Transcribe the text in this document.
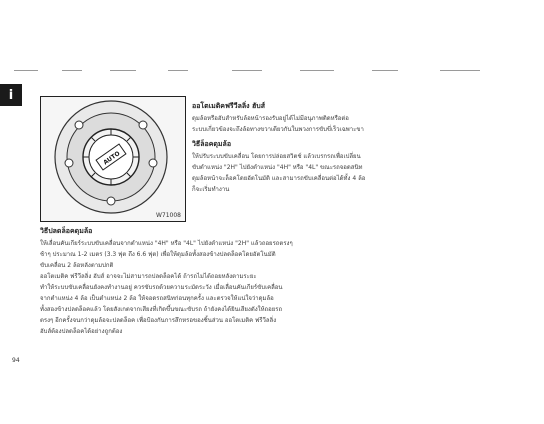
i
AUTO
W71008
ออโตเมติคฟรีวีลลิ่ง ฮับส์
ดุมล้อหรือฮับสำหรับล้อหน้ารองรับอยู่ได้ไม่มีอนุภาพติดหรือต่อ
ระบบเกี่ยวข้องจะถึงล้อทางขวาเดียวกันในพวงการขับขี่เร็วเฉพาะขา
วิธีล็อคดุมล้อ
ให้ปรับระบบขับเคลื่อน โดยการปล่อยสวิตช์ แล้วเบรกรถเพื่อเปลี่ยน
ขับตำแหน่ง "2H" ไปยังตำแหน่ง "4H" หรือ "4L" ขณะรถจอดสนิท
ดุมล้อหน้าจะล็อคโดยอัตโนมัติ และสามารถขับเคลื่อนต่อได้ทั้ง 4 ล้อ
ก็จะเริ่มทำงาน
วิธีปลดล็อคดุมล้อ
ให้เลื่อนคันเกียร์ระบบขับเคลื่อนจากตำแหน่ง "4H" หรือ "4L" ไปยังตำแหน่ง "2H" แล้วถอยรถตรงๆ
ช้าๆ ประมาณ 1-2 เมตร (3.3 ฟุต ถึง 6.6 ฟุต) เพื่อให้ดุมล้อทั้งสองข้างปลดล็อคโดยอัตโนมัติ
ขับเคลื่อน 2 ล้อหลังตามปกติ
ออโตเมติค ฟรีวีลลิ่ง ฮับส์ อาจจะไม่สามารถปลดล็อคได้ ถ้ารถไม่ได้ถอยหลังตามระยะ
ทำให้ระบบขับเคลื่อนยังคงทำงานอยู่ ควรขับรถด้วยความระมัดระวัง เมื่อเลื่อนคันเกียร์ขับเคลื่อน
จากตำแหน่ง 4 ล้อ เป็นตำแหน่ง 2 ล้อ ให้จอดรถสนิทก่อนทุกครั้ง และตรวจให้แน่ใจว่าดุมล้อ
ทั้งสองข้างปลดล็อคแล้ว โดยสังเกตจากเสียงที่เกิดขึ้นขณะขับรถ ถ้ายังคงได้ยินเสียงดังให้ถอยรถ
ตรงๆ อีกครั้งจนกว่าดุมล้อจะปลดล็อค เพื่อป้องกันการสึกหรอของชิ้นส่วน ออโตเมติค ฟรีวีลลิ่ง
ฮับส์ต้องปลดล็อคได้อย่างถูกต้อง
94
